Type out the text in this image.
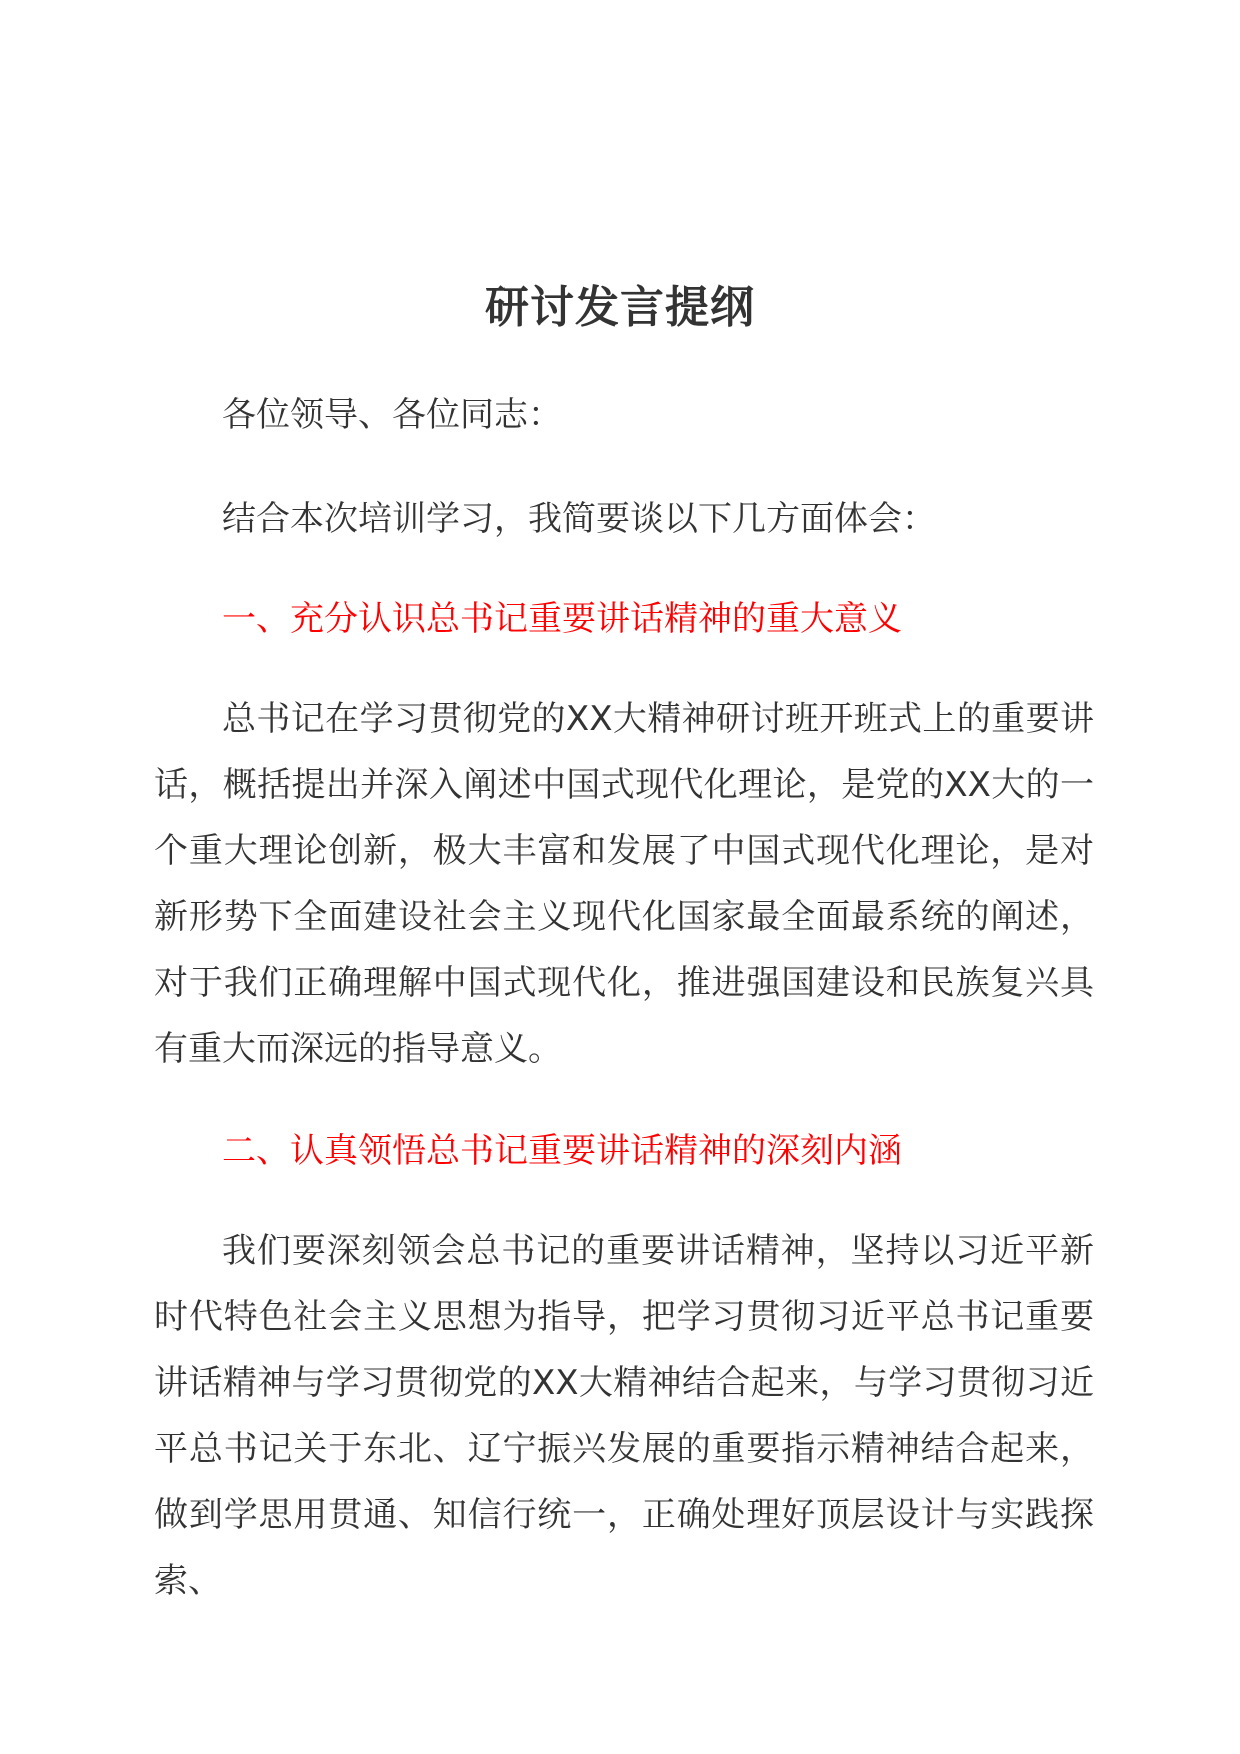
研讨发言提纲

各位领导、各位同志：

结合本次培训学习，我简要谈以下几方面体会：

一、充分认识总书记重要讲话精神的重大意义

总书记在学习贯彻党的XX大精神研讨班开班式上的重要讲话，概括提出并深入阐述中国式现代化理论，是党的XX大的一个重大理论创新，极大丰富和发展了中国式现代化理论，是对新形势下全面建设社会主义现代化国家最全面最系统的阐述，对于我们正确理解中国式现代化，推进强国建设和民族复兴具有重大而深远的指导意义。

二、认真领悟总书记重要讲话精神的深刻内涵

我们要深刻领会总书记的重要讲话精神，坚持以习近平新时代特色社会主义思想为指导，把学习贯彻习近平总书记重要讲话精神与学习贯彻党的XX大精神结合起来，与学习贯彻习近平总书记关于东北、辽宁振兴发展的重要指示精神结合起来，做到学思用贯通、知信行统一，正确处理好顶层设计与实践探索、
